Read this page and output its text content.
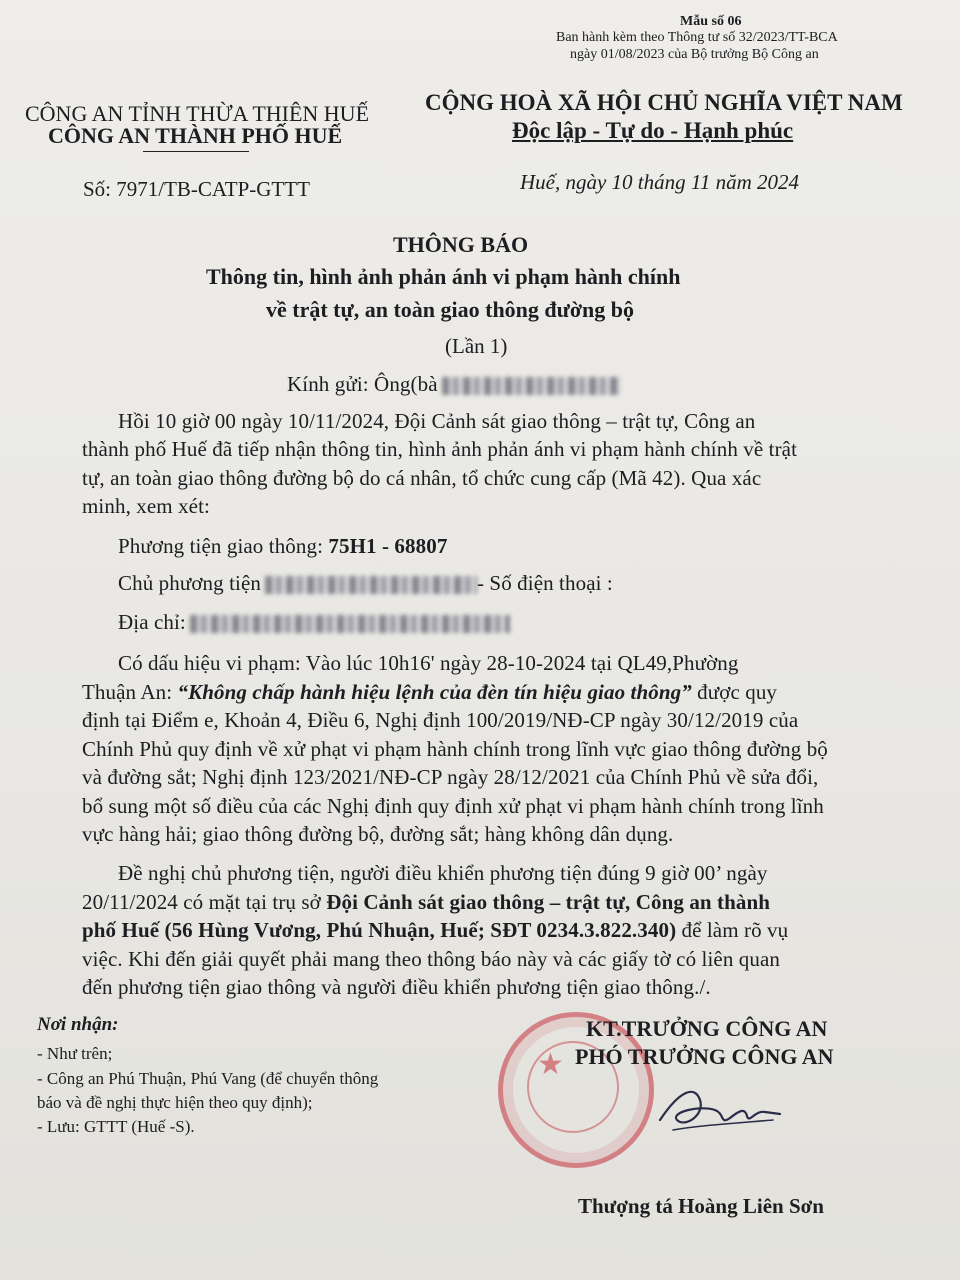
Mẫu số 06
Ban hành kèm theo Thông tư số 32/2023/TT-BCA
ngày 01/08/2023 của Bộ trưởng Bộ Công an
CÔNG AN TỈNH THỪA THIÊN HUẾ
CÔNG AN THÀNH PHỐ HUẾ
CỘNG HOÀ XÃ HỘI CHỦ NGHĨA VIỆT NAM
Độc lập - Tự do - Hạnh phúc
Số: 7971/TB-CATP-GTTT	Huế, ngày 10 tháng 11 năm 2024
THÔNG BÁO
Thông tin, hình ảnh phản ánh vi phạm hành chính
về trật tự, an toàn giao thông đường bộ
(Lần 1)
Kính gửi: Ông(bà
Hồi 10 giờ 00 ngày 10/11/2024, Đội Cảnh sát giao thông – trật tự, Công an
thành phố Huế đã tiếp nhận thông tin, hình ảnh phản ánh vi phạm hành chính về trật
tự, an toàn giao thông đường bộ do cá nhân, tổ chức cung cấp (Mã 42). Qua xác
minh, xem xét:
Phương tiện giao thông: 75H1 - 68807
Chủ phương tiện	- Số điện thoại :
Địa chỉ:
Có dấu hiệu vi phạm: Vào lúc 10h16' ngày 28-10-2024 tại QL49,Phường
Thuận An: “Không chấp hành hiệu lệnh của đèn tín hiệu giao thông” được quy
định tại Điểm e, Khoản 4, Điều 6, Nghị định 100/2019/NĐ-CP ngày 30/12/2019 của
Chính Phủ quy định về xử phạt vi phạm hành chính trong lĩnh vực giao thông đường bộ
và đường sắt; Nghị định 123/2021/NĐ-CP ngày 28/12/2021 của Chính Phủ về sửa đổi,
bổ sung một số điều của các Nghị định quy định xử phạt vi phạm hành chính trong lĩnh
vực hàng hải; giao thông đường bộ, đường sắt; hàng không dân dụng.
Đề nghị chủ phương tiện, người điều khiển phương tiện đúng 9 giờ 00’ ngày
20/11/2024 có mặt tại trụ sở Đội Cảnh sát giao thông – trật tự, Công an thành
phố Huế (56 Hùng Vương, Phú Nhuận, Huế; SĐT 0234.3.822.340) để làm rõ vụ
việc. Khi đến giải quyết phải mang theo thông báo này và các giấy tờ có liên quan
đến phương tiện giao thông và người điều khiển phương tiện giao thông./.
Nơi nhận:
- Như trên;
- Công an Phú Thuận, Phú Vang (để chuyển thông
báo và đề nghị thực hiện theo quy định);
- Lưu: GTTT (Huế -S).
★
KT.TRƯỞNG CÔNG AN
PHÓ TRƯỞNG CÔNG AN
Thượng tá Hoàng Liên Sơn
